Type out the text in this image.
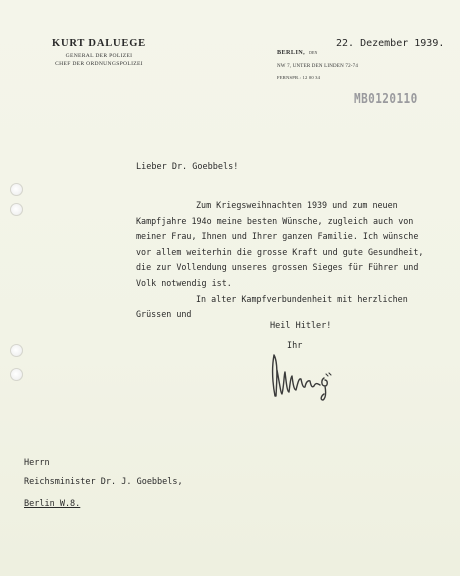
KURT DALUEGE
GENERAL DER POLIZEI
CHEF DER ORDNUNGSPOLIZEI
BERLIN, DEN
NW 7, UNTER DEN LINDEN 72-74
FERNSPR.: 12 00 34
22. Dezember 1939.
MB0120110
Lieber Dr. Goebbels!
Zum Kriegsweihnachten 1939 und zum neuen
Kampfjahre 194o meine besten Wünsche, zugleich auch von
meiner Frau, Ihnen und Ihrer ganzen Familie. Ich wünsche
vor allem weiterhin die grosse Kraft und gute Gesundheit,
die zur Vollendung unseres grossen Sieges für Führer und
Volk notwendig ist.
In alter Kampfverbundenheit mit herzlichen
Grüssen und
Heil Hitler!
Ihr
Herrn
Reichsminister Dr. J. Goebbels,
Berlin W.8.
